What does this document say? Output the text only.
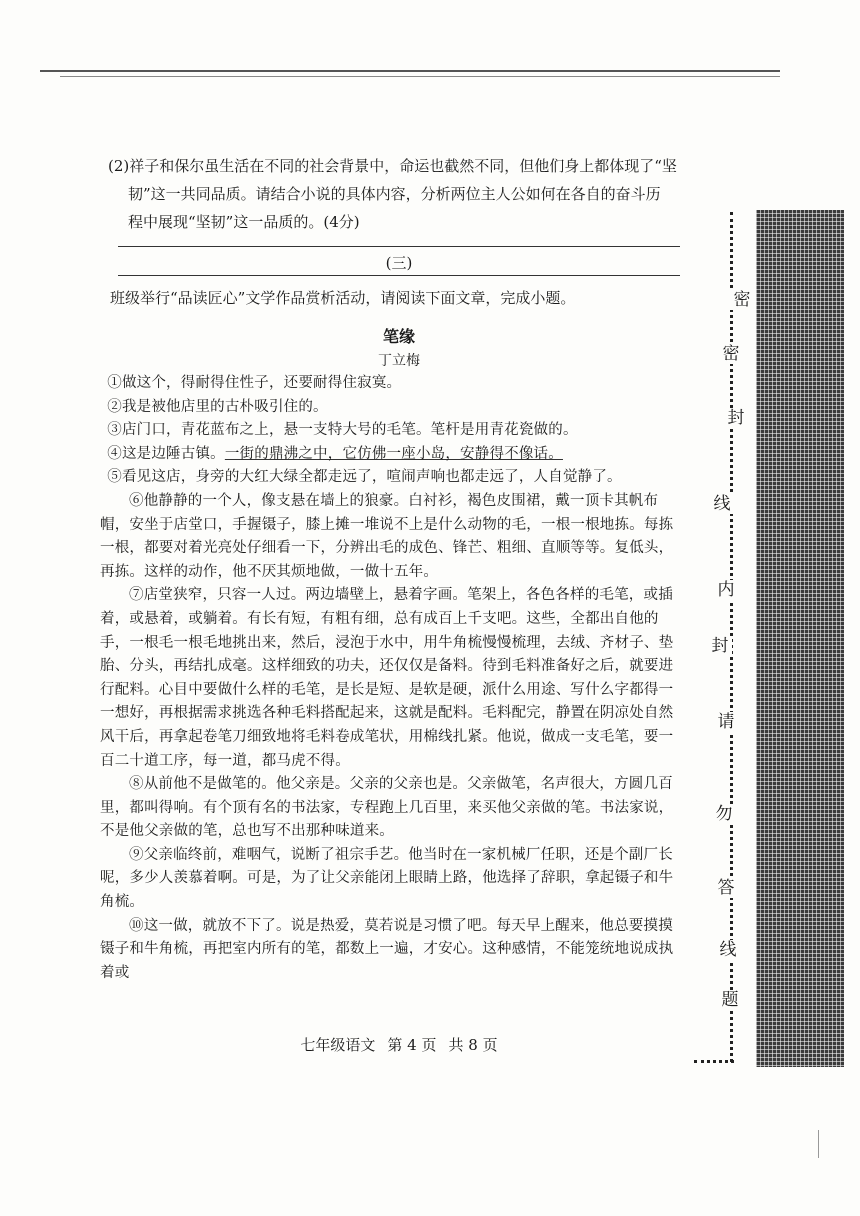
(2)祥子和保尔虽生活在不同的社会背景中，命运也截然不同，但他们身上都体现了“坚

韧”这一共同品质。请结合小说的具体内容，分析两位主人公如何在各自的奋斗历
程中展现“坚韧”这一品质的。(4分)
(三)
班级举行“品读匠心”文学作品赏析活动，请阅读下面文章，完成小题。
笔缘
丁立梅

①做这个，得耐得住性子，还要耐得住寂寞。

②我是被他店里的古朴吸引住的。

③店门口，青花蓝布之上，悬一支特大号的毛笔。笔杆是用青花瓷做的。

④这是边陲古镇。一街的鼎沸之中，它仿佛一座小岛，安静得不像话。

⑤看见这店，身旁的大红大绿全都走远了，喧闹声响也都走远了，人自觉静了。

⑥他静静的一个人，像支悬在墙上的狼豪。白衬衫，褐色皮围裙，戴一顶卡其帆布帽，安坐于店堂口，手握镊子，膝上摊一堆说不上是什么动物的毛，一根一根地拣。每拣一根，都要对着光亮处仔细看一下，分辨出毛的成色、锋芒、粗细、直顺等等。复低头，再拣。这样的动作，他不厌其烦地做，一做十五年。

⑦店堂狭窄，只容一人过。两边墙壁上，悬着字画。笔架上，各色各样的毛笔，或插着，或悬着，或躺着。有长有短，有粗有细，总有成百上千支吧。这些，全都出自他的手，一根毛一根毛地挑出来，然后，浸泡于水中，用牛角梳慢慢梳理，去绒、齐材子、垫胎、分头，再结扎成毫。这样细致的功夫，还仅仅是备料。待到毛料准备好之后，就要进行配料。心目中要做什么样的毛笔，是长是短、是软是硬，派什么用途、写什么字都得一一想好，再根据需求挑选各种毛料搭配起来，这就是配料。毛料配完，静置在阴凉处自然风干后，再拿起卷笔刀细致地将毛料卷成笔状，用棉线扎紧。他说，做成一支毛笔，要一百二十道工序，每一道，都马虎不得。

⑧从前他不是做笔的。他父亲是。父亲的父亲也是。父亲做笔，名声很大，方圆几百里，都叫得响。有个顶有名的书法家，专程跑上几百里，来买他父亲做的笔。书法家说，不是他父亲做的笔，总也写不出那种味道来。

⑨父亲临终前，难咽气，说断了祖宗手艺。他当时在一家机械厂任职，还是个副厂长呢，多少人羡慕着啊。可是，为了让父亲能闭上眼睛上路，他选择了辞职，拿起镊子和牛角梳。

⑩这一做，就放不下了。说是热爱，莫若说是习惯了吧。每天早上醒来，他总要摸摸镊子和牛角梳，再把室内所有的笔，都数上一遍，才安心。这种感情，不能笼统地说成执着或

七年级语文 第 4 页 共 8 页
密
密
封
线
内
封
请
勿
答
线
题
